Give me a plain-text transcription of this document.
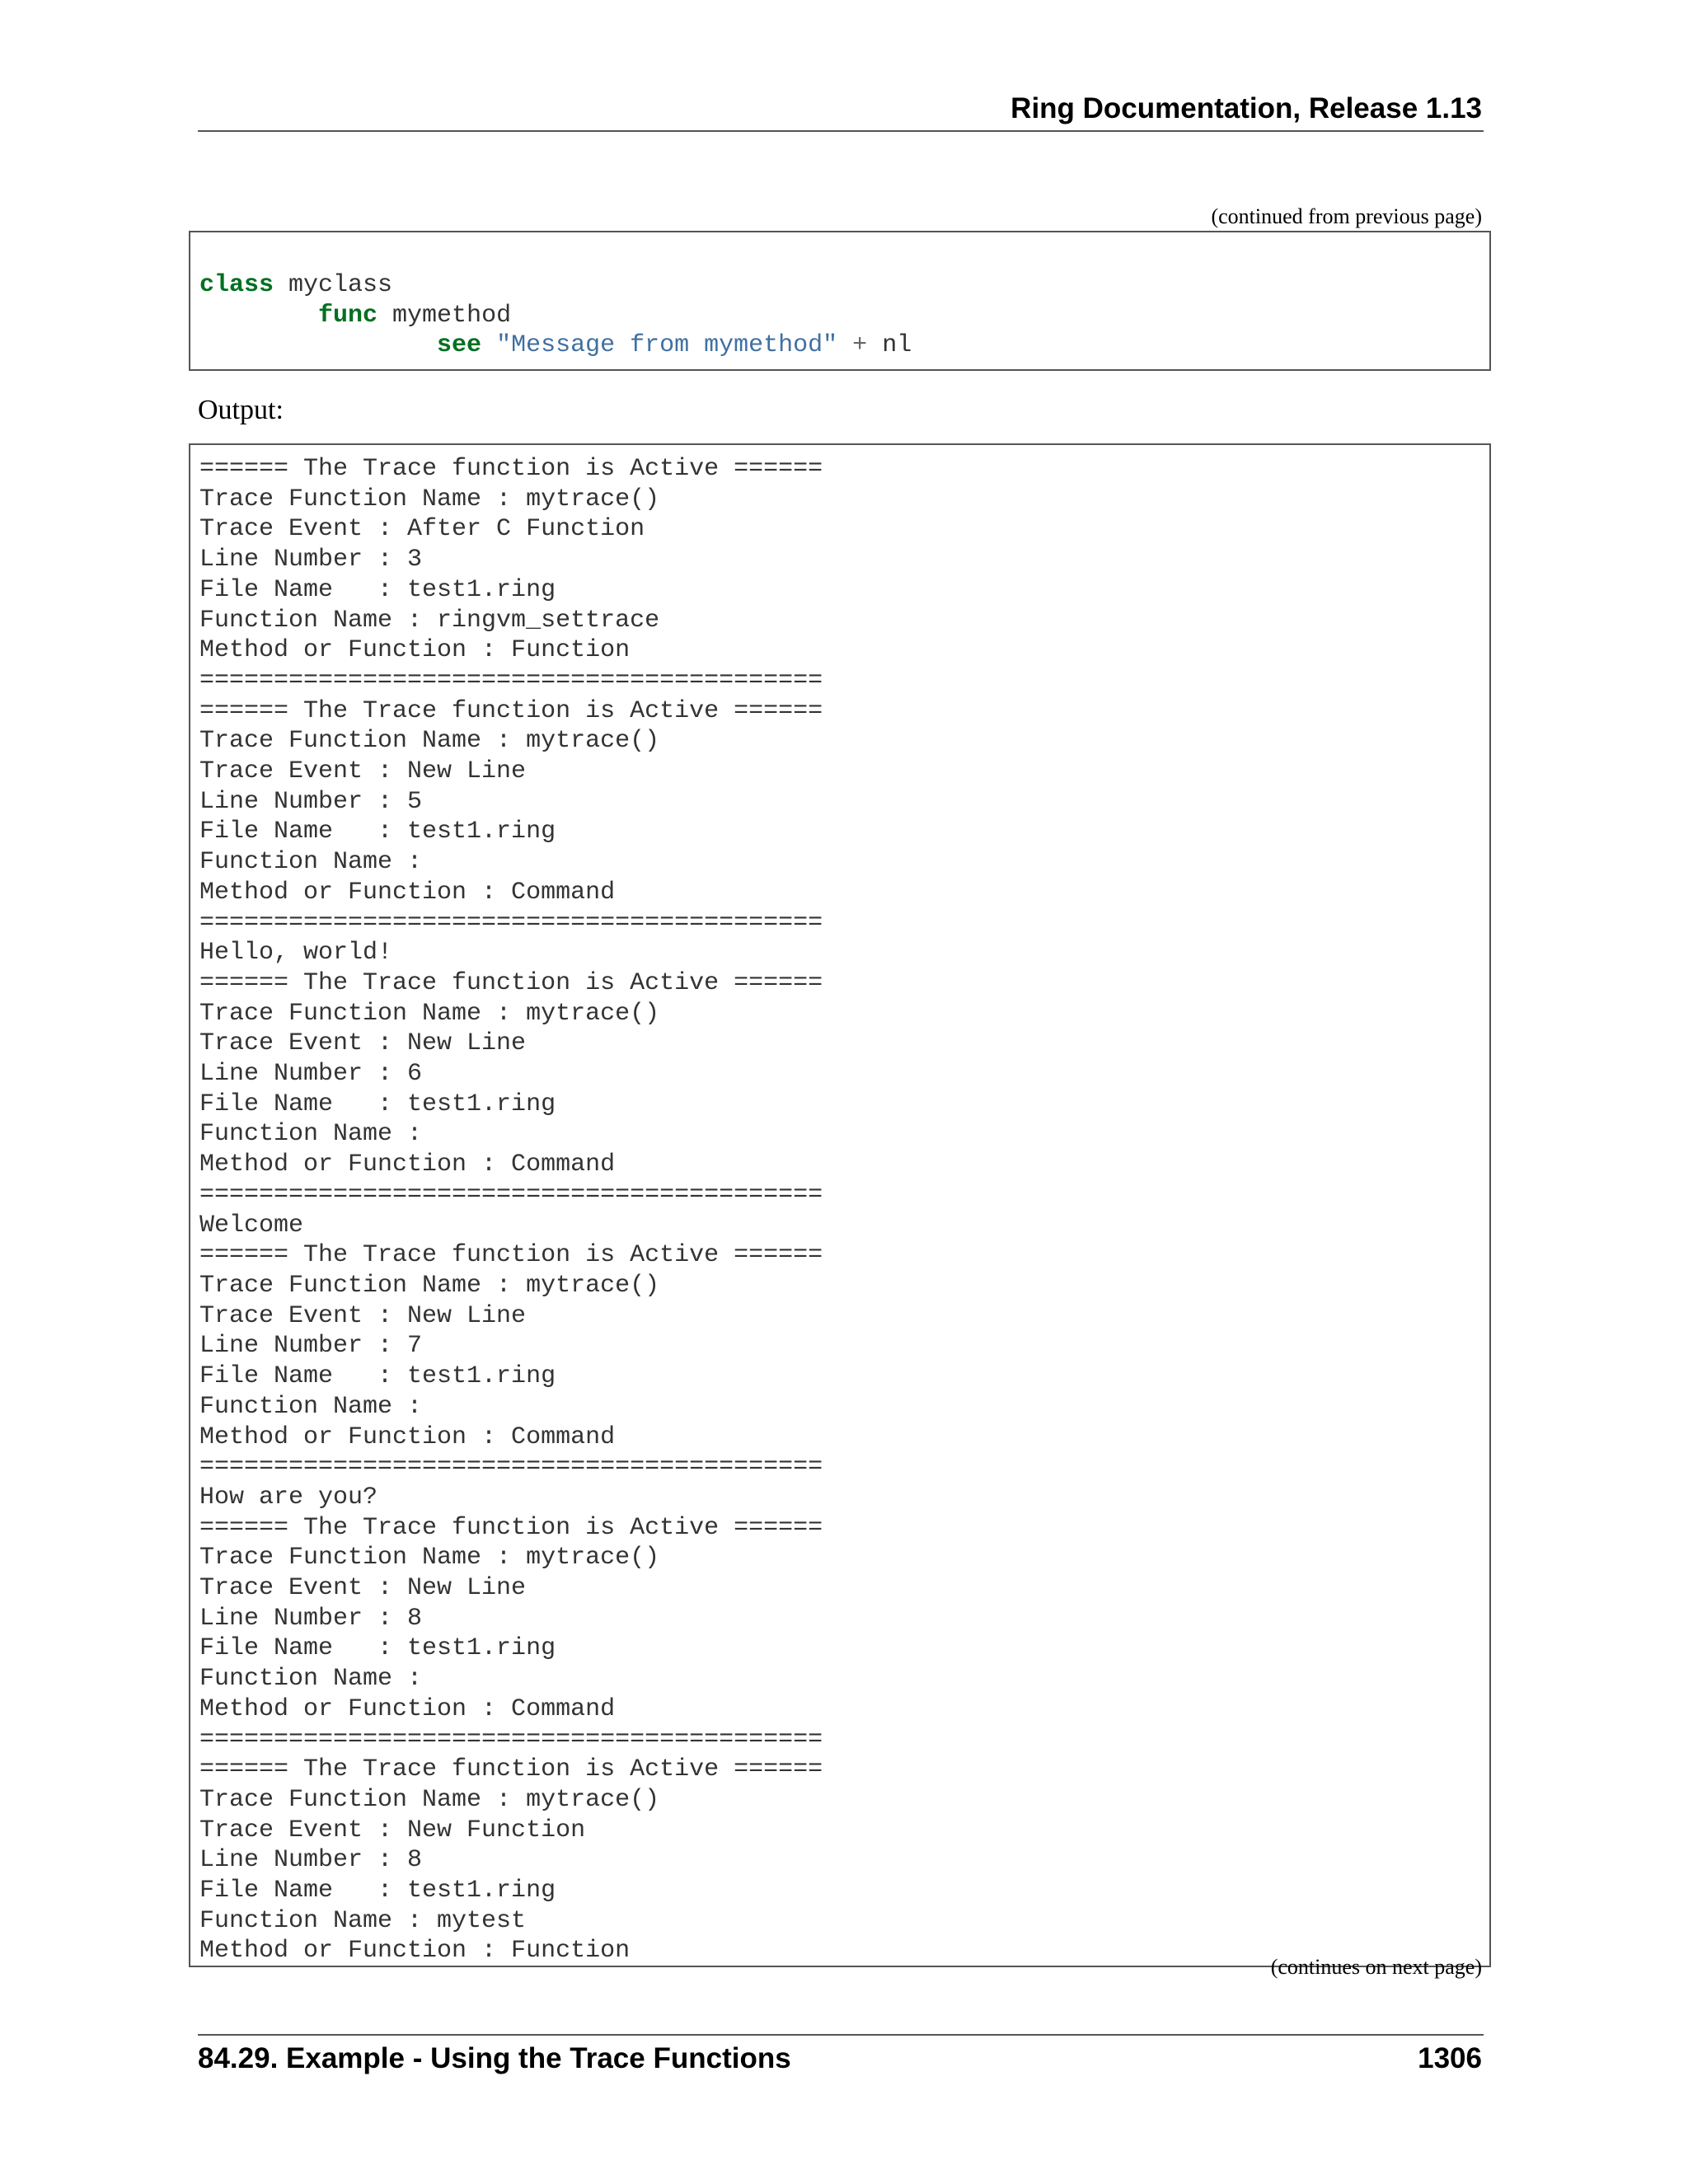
Ring Documentation, Release 1.13
(continued from previous page)
class myclass
func mymethod
see "Message from mymethod" + nl
Output:
====== The Trace function is Active ======
Trace Function Name : mytrace()
Trace Event : After C Function
Line Number : 3
File Name   : test1.ring
Function Name : ringvm_settrace
Method or Function : Function
==========================================
====== The Trace function is Active ======
Trace Function Name : mytrace()
Trace Event : New Line
Line Number : 5
File Name   : test1.ring
Function Name :
Method or Function : Command
==========================================
Hello, world!
====== The Trace function is Active ======
Trace Function Name : mytrace()
Trace Event : New Line
Line Number : 6
File Name   : test1.ring
Function Name :
Method or Function : Command
==========================================
Welcome
====== The Trace function is Active ======
Trace Function Name : mytrace()
Trace Event : New Line
Line Number : 7
File Name   : test1.ring
Function Name :
Method or Function : Command
==========================================
How are you?
====== The Trace function is Active ======
Trace Function Name : mytrace()
Trace Event : New Line
Line Number : 8
File Name   : test1.ring
Function Name :
Method or Function : Command
==========================================
====== The Trace function is Active ======
Trace Function Name : mytrace()
Trace Event : New Function
Line Number : 8
File Name   : test1.ring
Function Name : mytest
Method or Function : Function
(continues on next page)
84.29. Example - Using the Trace Functions	1306
